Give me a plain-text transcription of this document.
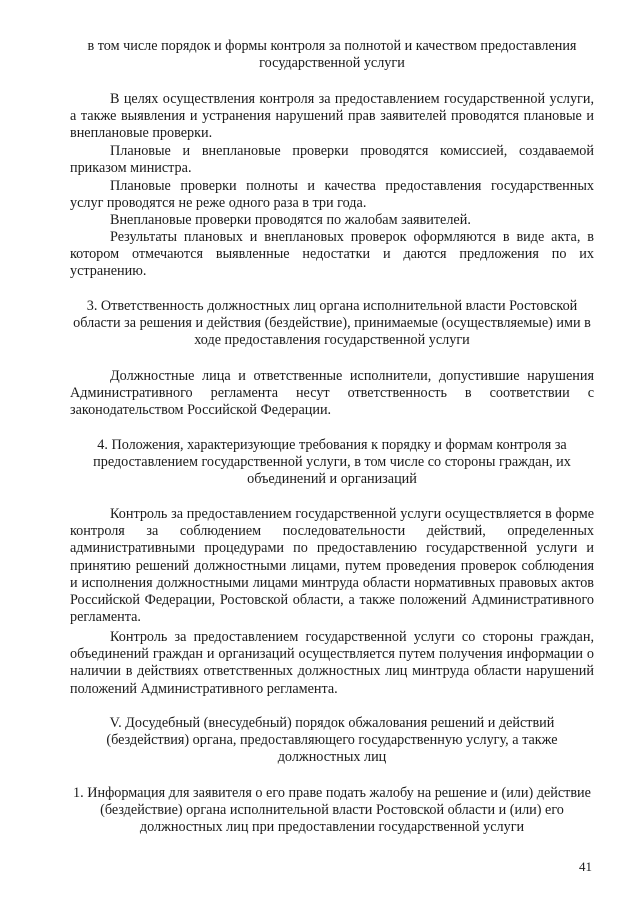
в том числе порядок и формы контроля за полнотой и качеством предоставления государственной услуги

В целях осуществления контроля за предоставлением государственной услуги, а также выявления и устранения нарушений прав заявителей проводятся плановые и внеплановые проверки.

Плановые и внеплановые проверки проводятся комиссией, создаваемой приказом министра.

Плановые проверки полноты и качества предоставления государственных услуг проводятся не реже одного раза в три года.

Внеплановые проверки проводятся по жалобам заявителей.

Результаты плановых и внеплановых проверок оформляются в виде акта, в котором отмечаются выявленные недостатки и даются предложения по их устранению.

3. Ответственность должностных лиц органа исполнительной власти Ростовской области за решения и действия (бездействие), принимаемые (осуществляемые) ими в ходе предоставления государственной услуги

Должностные лица и ответственные исполнители, допустившие нарушения Административного регламента несут ответственность в соответствии с законодательством Российской Федерации.

4. Положения, характеризующие требования к порядку и формам контроля за предоставлением государственной услуги, в том числе со стороны граждан, их объединений и организаций

Контроль за предоставлением государственной услуги осуществляется в форме контроля за соблюдением последовательности действий, определенных административными процедурами по предоставлению государственной услуги и принятию решений должностными лицами, путем проведения проверок соблюдения и исполнения должностными лицами минтруда области нормативных правовых актов Российской Федерации, Ростовской области, а также положений Административного регламента.

Контроль за предоставлением государственной услуги со стороны граждан, объединений граждан и организаций осуществляется путем получения информации о наличии в действиях ответственных должностных лиц минтруда области нарушений положений Административного регламента.

V. Досудебный (внесудебный) порядок обжалования решений и действий (бездействия) органа, предоставляющего государственную услугу, а также должностных лиц

1. Информация для заявителя о его праве подать жалобу на решение и (или) действие (бездействие) органа исполнительной власти Ростовской области и (или) его должностных лиц при предоставлении государственной услуги

41
